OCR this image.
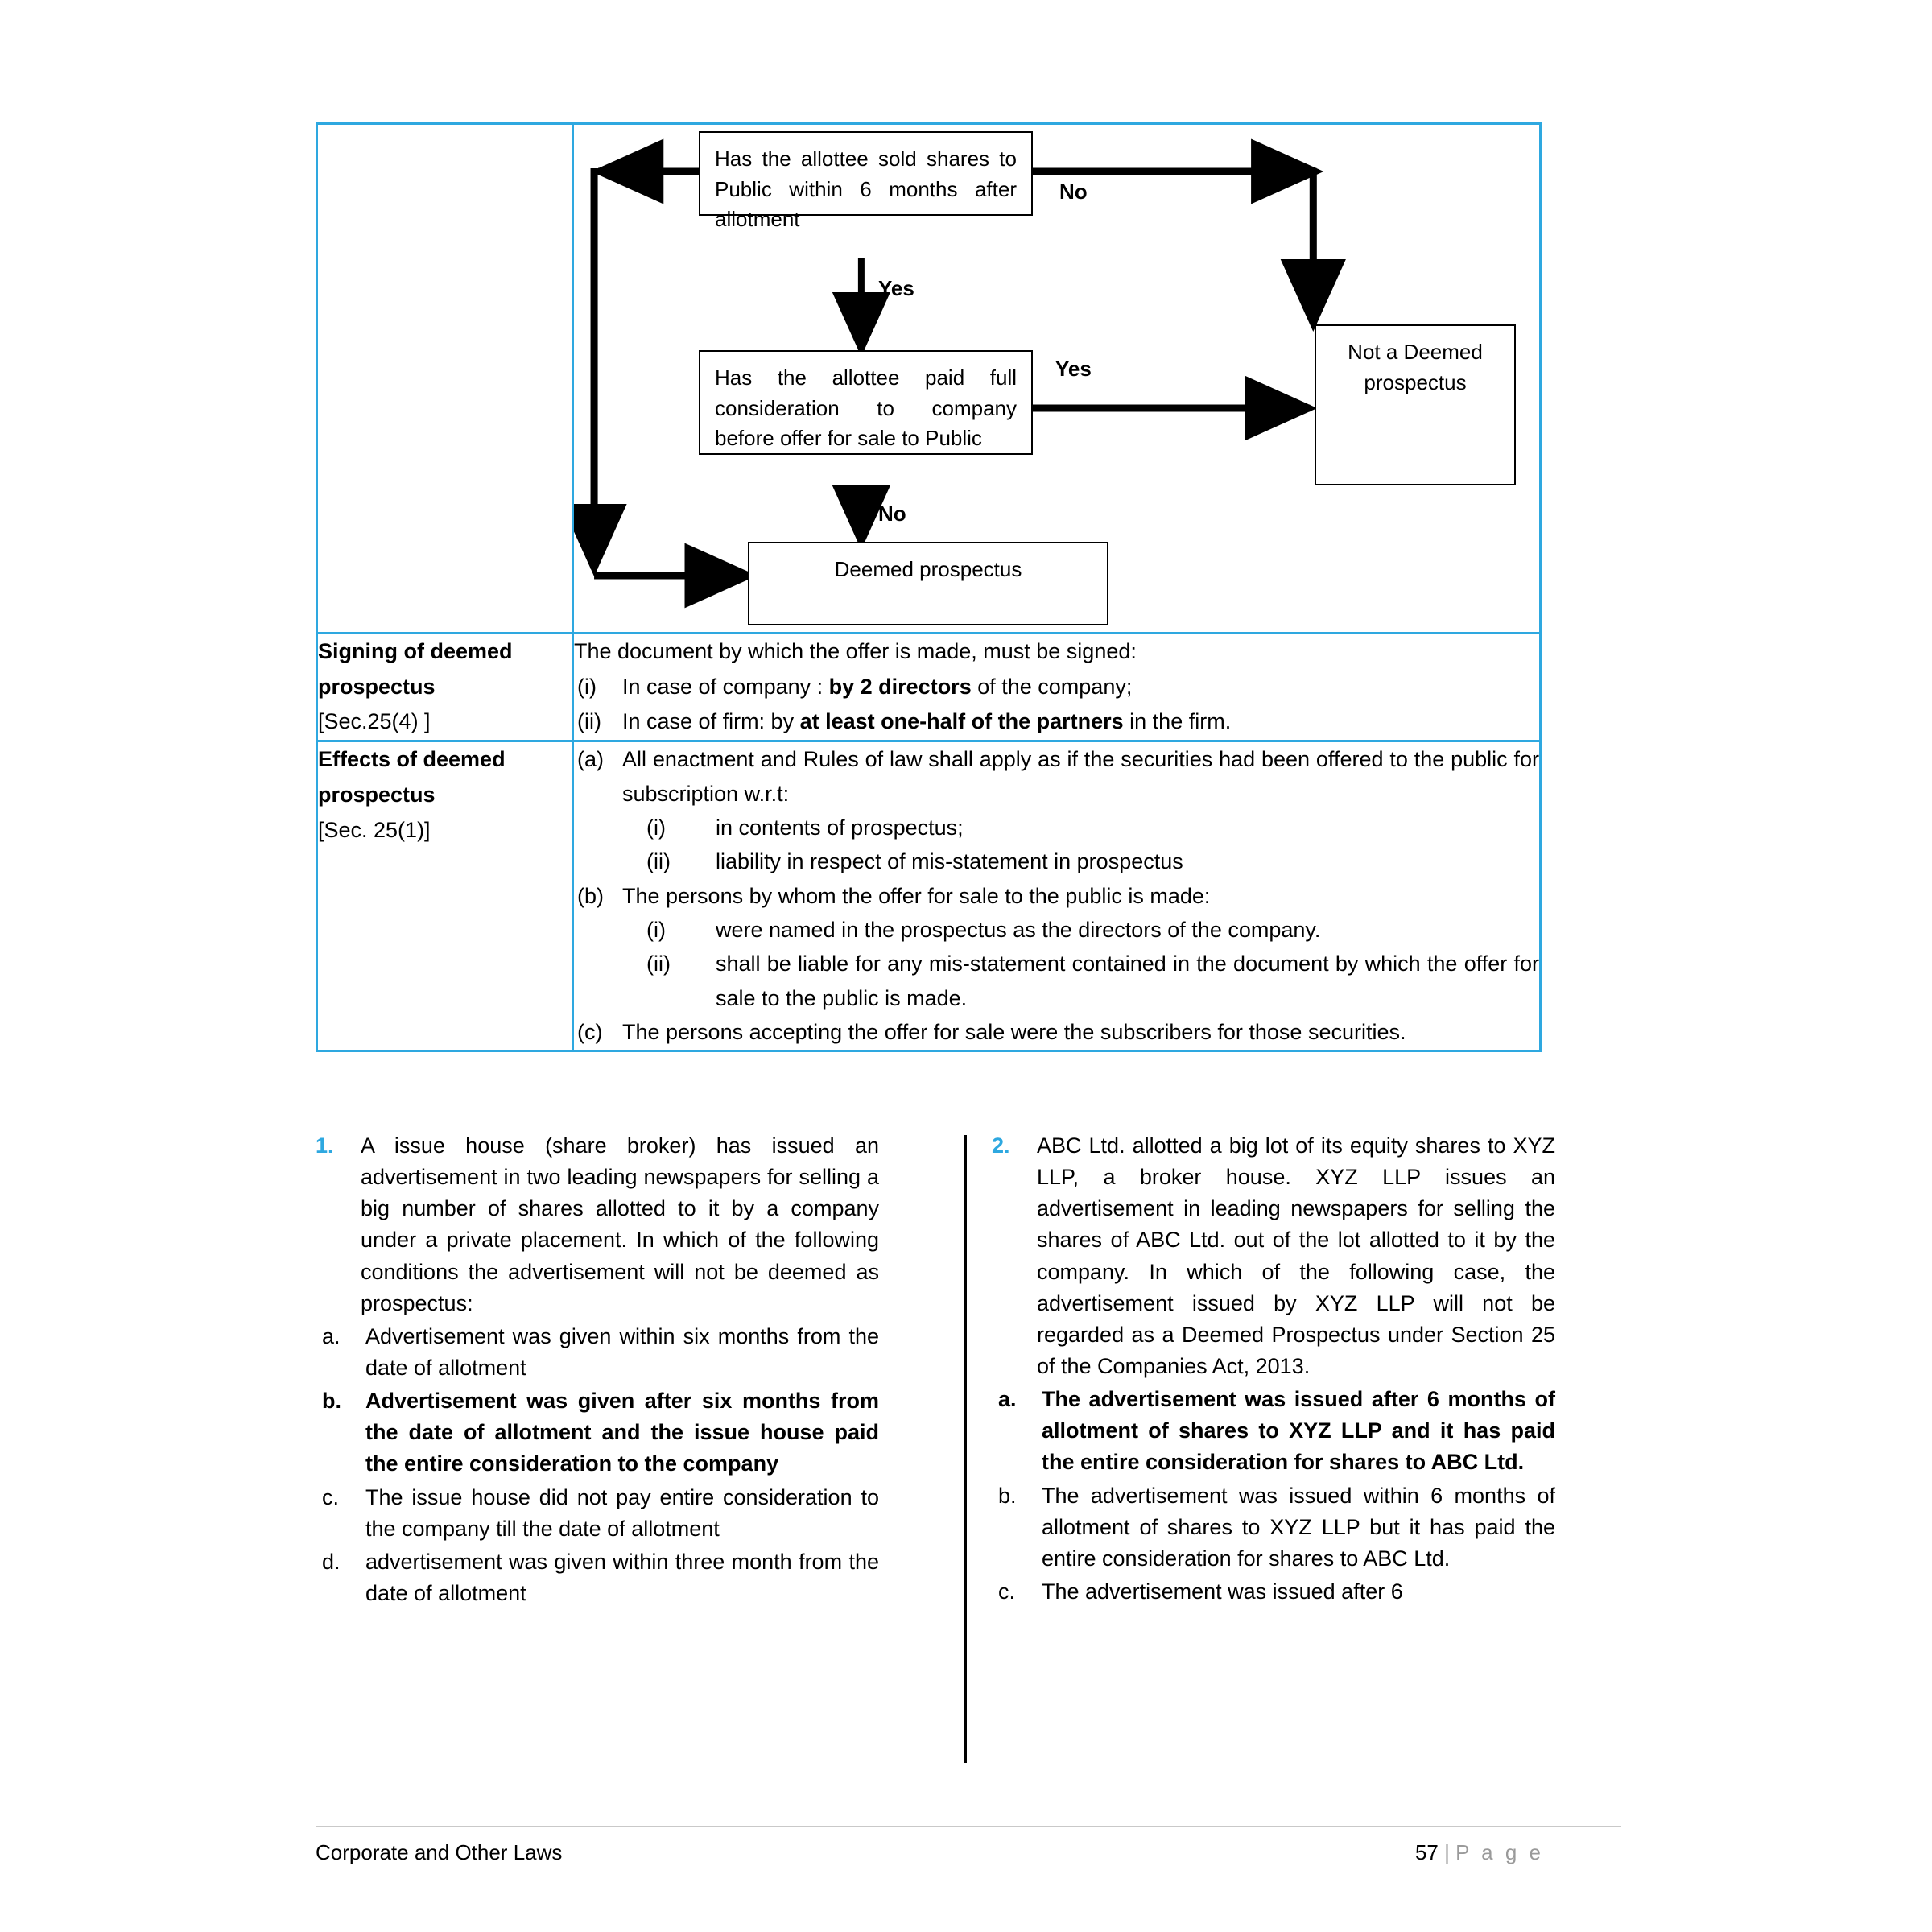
Has the allottee sold shares to Public within 6 months after allotment
No
Yes
Has the allottee paid full consideration to company before offer for sale to Public
Yes
Not a Deemed prospectus
No
Deemed prospectus

Signing of deemed prospectus
[Sec.25(4) ]

The document by which the offer is made, must be signed:
(i)	In case of company : by 2 directors of the company;
(ii) In case of firm: by at least one-half of the partners in the firm.

Effects of deemed prospectus
[Sec. 25(1)]

(a) All enactment and Rules of law shall apply as if the securities had been offered to the public for subscription w.r.t:
(i)	in contents of prospectus;
(ii)	liability in respect of mis-statement in prospectus
(b) The persons by whom the offer for sale to the public is made:
(i)	were named in the prospectus as the directors of the company.
(ii)	shall be liable for any mis-statement contained in the document by which the offer for sale to the public is made.
(c) The persons accepting the offer for sale were the subscribers for those securities.
1.	A issue house (share broker) has issued an advertisement in two leading newspapers for selling a big number of shares allotted to it by a company under a private placement. In which of the following conditions the advertisement will not be deemed as prospectus:
a.	Advertisement was given within six months from the date of allotment
b.	Advertisement was given after six months from the date of allotment and the issue house paid the entire consideration to the company
c.	The issue house did not pay entire consideration to the company till the date of allotment
d.	advertisement was given within three month from the date of allotment
2.	ABC Ltd. allotted a big lot of its equity shares to XYZ LLP, a broker house. XYZ LLP issues an advertisement in leading newspapers for selling the shares of ABC Ltd. out of the lot allotted to it by the company. In which of the following case, the advertisement issued by XYZ LLP will not be regarded as a Deemed Prospectus under Section 25 of the Companies Act, 2013.
a.	The advertisement was issued after 6 months of allotment of shares to XYZ LLP and it has paid the entire consideration for shares to ABC Ltd.
b.	The advertisement was issued within 6 months of allotment of shares to XYZ LLP but it has paid the entire consideration for shares to ABC Ltd.
c.	The advertisement was issued after 6
Corporate and Other Laws	57 | P a g e
